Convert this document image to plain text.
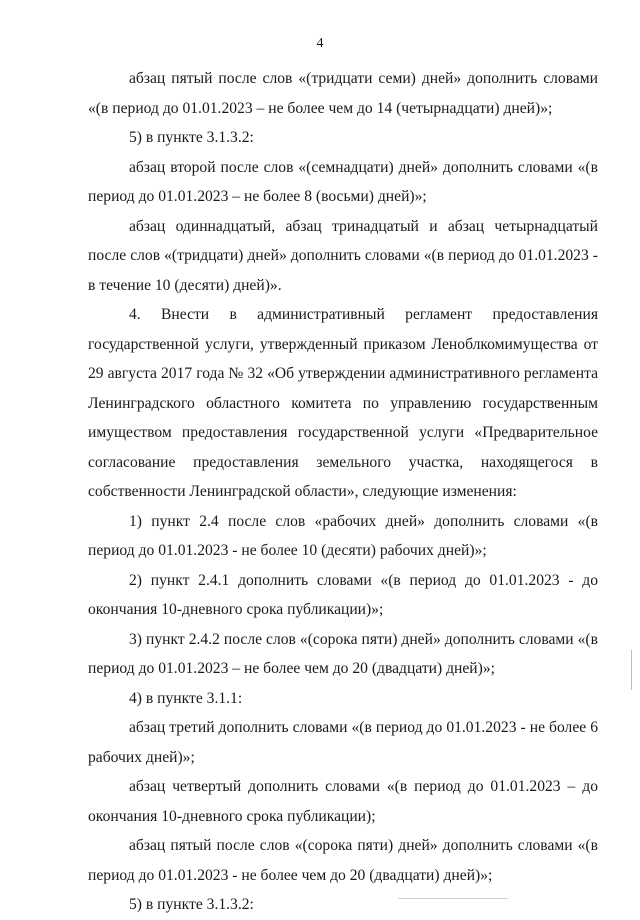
4

абзац пятый после слов «(тридцати семи) дней» дополнить словами «(в период до 01.01.2023 – не более чем до 14 (четырнадцати) дней)»;

5) в пункте 3.1.3.2:

абзац второй после слов «(семнадцати) дней» дополнить словами «(в период до 01.01.2023 – не более 8 (восьми) дней)»;

абзац одиннадцатый, абзац тринадцатый и абзац четырнадцатый после слов «(тридцати) дней» дополнить словами «(в период до 01.01.2023 - в течение 10 (десяти) дней)».

4. Внести в административный регламент предоставления государственной услуги, утвержденный приказом Леноблкомимущества от 29 августа 2017 года № 32 «Об утверждении административного регламента Ленинградского областного комитета по управлению государственным имуществом предоставления государственной услуги «Предварительное согласование предоставления земельного участка, находящегося в собственности Ленинградской области», следующие изменения:

1) пункт 2.4 после слов «рабочих дней» дополнить словами «(в период до 01.01.2023 - не более 10 (десяти) рабочих дней)»;

2) пункт 2.4.1 дополнить словами «(в период до 01.01.2023 - до окончания 10-дневного срока публикации)»;

3) пункт 2.4.2 после слов «(сорока пяти) дней» дополнить словами «(в период до 01.01.2023 – не более чем до 20 (двадцати) дней)»;

4) в пункте 3.1.1:

абзац третий дополнить словами «(в период до 01.01.2023 - не более 6 рабочих дней)»;

абзац четвертый дополнить словами «(в период до 01.01.2023 – до окончания 10-дневного срока публикации);

абзац пятый после слов «(сорока пяти) дней» дополнить словами «(в период до 01.01.2023 - не более чем до 20 (двадцати) дней)»;

5) в пункте 3.1.3.2:
